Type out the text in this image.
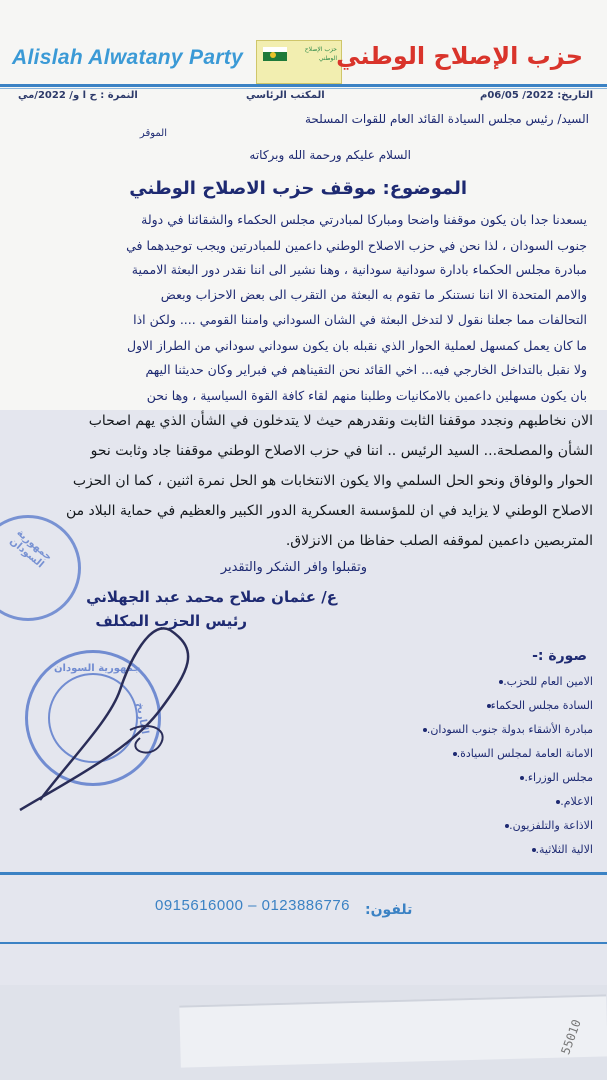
Alislah Alwatany Party	حزب الإصلاح الوطني حزب الإصلاح الوطني
التاريخ: 2022/ 06/05م
المكتب الرئاسي
النمرة : ح ا و/ 2022/مي
السيد/ رئيس مجلس السيادة القائد العام للقوات المسلحة
الموقر
السلام عليكم ورحمة الله وبركاته
الموضوع: موقف حزب الاصلاح الوطني
يسعدنا جدا بان يكون موقفنا واضحا ومباركا لمبادرتي مجلس الحكماء والشقائنا في دولة
جنوب السودان ، لذا نحن في حزب الاصلاح الوطني داعمين للمبادرتين ويجب توحيدهما في
مبادرة مجلس الحكماء بادارة سودانية سودانية ، وهنا نشير الى اننا نقدر دور البعثة الاممية
والامم المتحدة الا اننا نستنكر ما تقوم به البعثة من التقرب الى بعض الاحزاب وبعض
التحالفات مما جعلنا نقول لا لتدخل البعثة في الشان السوداني وامننا القومي .... ولكن اذا
ما كان يعمل كمسهل لعملية الحوار الذي نقبله بان يكون سوداني سوداني من الطراز الاول
ولا نقبل بالتداخل الخارجي فيه... اخي القائد نحن التقيناهم في فبراير وكان حديثنا اليهم
بان يكون مسهلين داعمين بالامكانيات وطلبنا منهم لقاء كافة القوة السياسية ، وها نحن
الان نخاطبهم ونجدد موقفنا الثابت ونقدرهم حيث لا يتدخلون في الشأن الذي يهم اصحاب
الشأن والمصلحة... السيد الرئيس .. اننا في حزب الاصلاح الوطني موقفنا جاد وثابت نحو
الحوار والوفاق ونحو الحل السلمي والا يكون الانتخابات هو الحل نمرة اثنين ، كما ان الحزب
الاصلاح الوطني لا يزايد في ان للمؤسسة العسكرية الدور الكبير والعظيم في حماية البلاد من
المتربصين داعمين لموقفه الصلب حفاظا من الانزلاق.
وتقبلوا وافر الشكر والتقدير
ع/ عثمان صلاح محمد عبد الجهلاني
رئيس الحزب المكلف
جمهورية السودان
جمهورية السودان
التاريخ
صورة :-
الامين العام للحزب.
السادة مجلس الحكماء
مبادرة الأشقاء بدولة جنوب السودان.
الامانة العامة لمجلس السيادة.
مجلس الوزراء.
الاعلام.
الاذاعة والتلفزيون.
الالية الثلاثية.
0915616000 – 0123886776 تلفون:
55010
